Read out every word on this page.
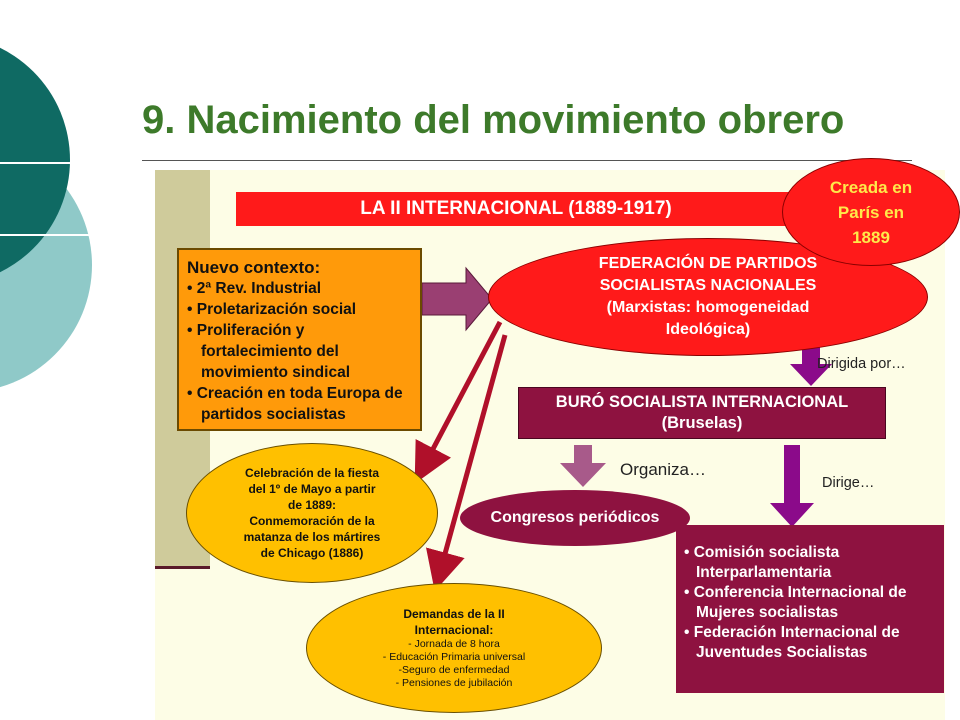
9. Nacimiento del movimiento obrero
LA II INTERNACIONAL (1889-1917)
Nuevo contexto:
• 2ª Rev. Industrial
• Proletarización social
• Proliferación y fortalecimiento del movimiento sindical
• Creación en toda Europa de partidos socialistas
FEDERACIÓN DE PARTIDOS
SOCIALISTAS NACIONALES
(Marxistas: homogeneidad
Ideológica)
Creada en
París en
1889
Dirigida por…
BURÓ SOCIALISTA INTERNACIONAL
(Bruselas)
Organiza…
Dirige…
Congresos periódicos
• Comisión socialista Interparlamentaria
• Conferencia Internacional de Mujeres socialistas
• Federación Internacional de Juventudes Socialistas
Celebración de la fiesta
del 1º de Mayo a partir
de 1889:
Conmemoración de la
matanza de los mártires
de Chicago (1886)
Demandas de la II
Internacional:
- Jornada de 8 hora
- Educación Primaria universal
-Seguro de enfermedad
- Pensiones de jubilación
